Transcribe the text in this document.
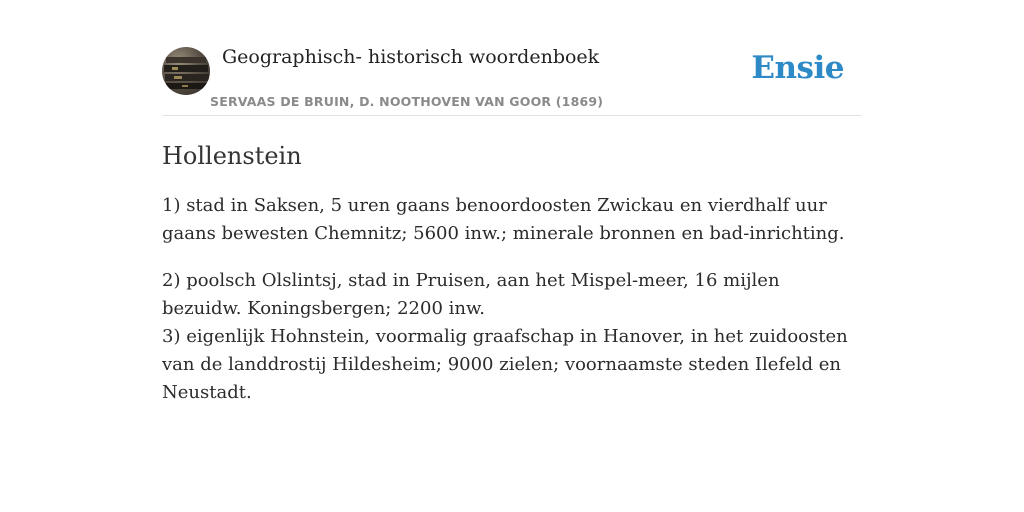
Geographisch- historisch woordenboek
SERVAAS DE BRUIN, D. NOOTHOVEN VAN GOOR (1869)
Ensie
Hollenstein

1) stad in Saksen, 5 uren gaans benoordoosten Zwickau en vierdhalf uur gaans bewesten Chemnitz; 5600 inw.; minerale bronnen en bad-inrichting.

2) poolsch Olslintsj, stad in Pruisen, aan het Mispel-meer, 16 mijlen bezuidw. Koningsbergen; 2200 inw.

3) eigenlijk Hohnstein, voormalig graafschap in Hanover, in het zuidoosten van de landdrostij Hildesheim; 9000 zielen; voornaamste steden Ilefeld en Neustadt.
